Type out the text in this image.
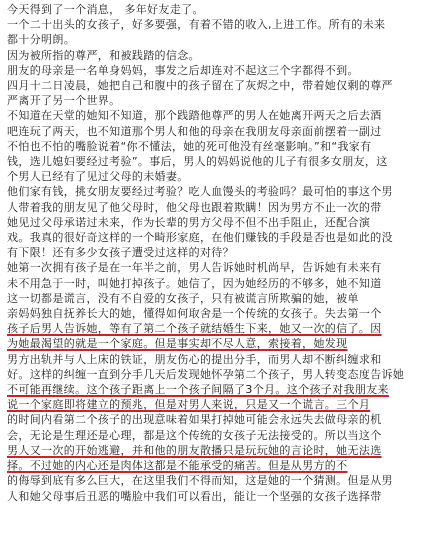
今天得到了一个消息， 多年好友走了。
一个二十出头的女孩子，好多要强，有着不错的收入,上进工作。所有的未来
都十分明朗。
因为被所指的尊严，和被践踏的信念。
朋友的母亲是一名单身妈妈，事发之后却连对不起这三个字都得不到。
四月十二日凌晨，她把自己和腹中的孩子留在了灰烬之中，带着她仅剩的尊严
严离开了另一个世界。

不知道在天堂的她知不知道，那个践踏他尊严的男人在她离开两天之后去酒
吧连玩了两天，也不知道那个男人和他的母亲在我朋友母亲面前摆着一副过
不怕也不怕的嘴脸说着“你不懂法，她的死可他没有丝毫影响。”和“我家有
钱，选儿媳妇要经过考验”。事后，男人的妈妈说他的儿子有很多女朋友，这
个男人已经有了见过父母的未婚妻。

他们家有钱，挑女朋友要经过考验？吃人血馒头的考验吗？最可怕的事这个男
人带着我的朋友见了他父母时，他父母也跟着欺瞒！因为男方不止一次的带
她见过父母承诺过未来，作为长辈的男方父母不但不出手阻止，还配合演
戏。我真的很好奇这样的一个畸形家庭，在他们赚钱的手段是否也是如此的没
有下限！还有多少女孩子遭受过这样的对待？

她第一次拥有孩子是在一年半之前，男人告诉她时机尚早，告诉她有未来有
未不用急于一时，叫她打掉孩子。她信了，因为她经历的不够多，她不知道
这一切都是谎言，没有不自爱的女孩子，只有被谎言所欺骗的她，被单
亲妈妈独自抚养长大的她，懂得如何取舍是一个传统的女孩子。失去第一个
孩子后男人告诉她，等有了第二个孩子就结婚生下来，她又一次的信了。因
为她最渴望的就是一个家庭。但是事实却不尽人意，索接着，她发现
男方出轨并与人上床的铁证，朋友伤心的提出分手，而男人却不断纠缠求和
好。这样的纠缠一直到分手几天后发现她怀孕第二个孩子，男人转变态度告诉她
不可能再继续。这个孩子距离上一个孩子间隔了3个月。这个孩子对我朋友来
说一个家庭即将建立的预兆，但是对男人来说，只是又一个谎言。三个月
的时间内看第二个孩子的出现意味着如果打掉她可能会永远失去做母亲的机
会，无论是生理还是心理，都是这个传统的女孩子无法接受的。所以当这个
男人又一次的开始逃避，并和他的朋友散播只是玩玩她的言论时，她无法选
择。不过她的内心还是肉体这都是不能承受的痛苦。但是从男方的不
的侮辱到底有多么巨大，在这里我们不得而知，这是她的一个猜测。但是从男
人和她父母事后丑恶的嘴脸中我们可以看出，能让一个坚强的女孩子选择带
